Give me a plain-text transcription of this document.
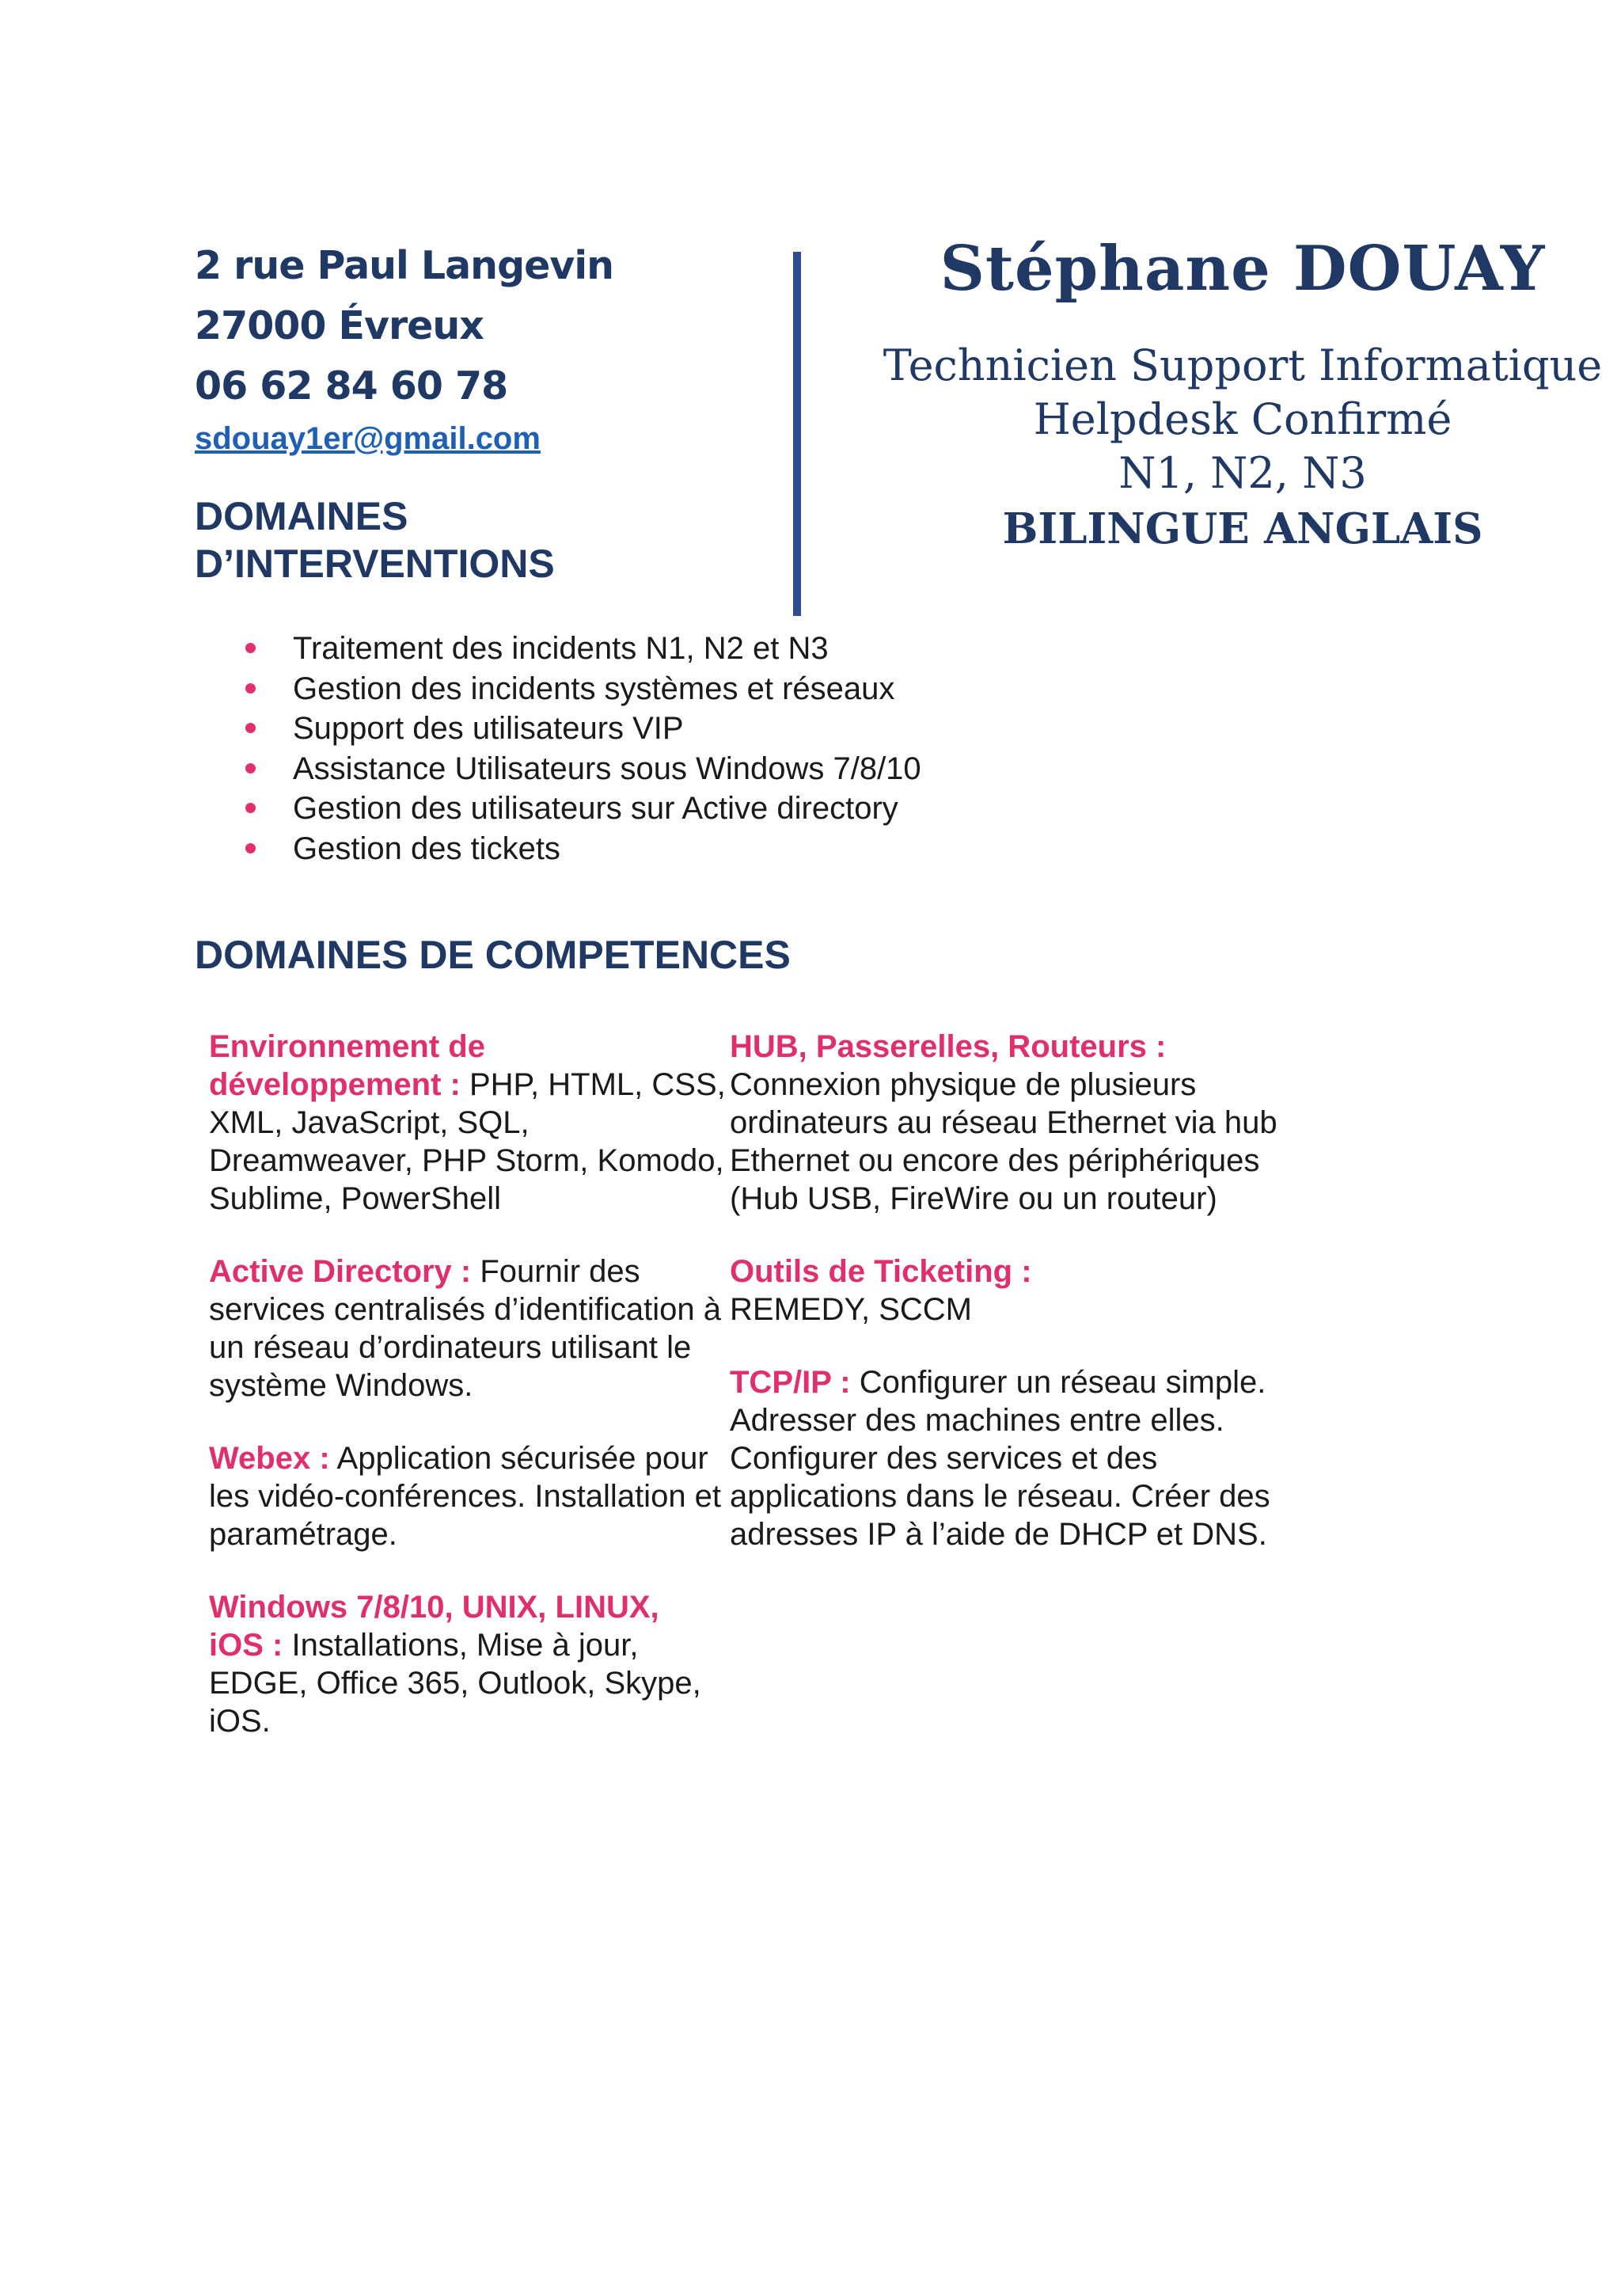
2 rue Paul Langevin
27000 Évreux
06 62 84 60 78
sdouay1er@gmail.com
DOMAINES
D’INTERVENTIONS
Stéphane DOUAY
Technicien Support Informatique
Helpdesk Confirmé
N1, N2, N3
BILINGUE ANGLAIS
Traitement des incidents N1, N2 et N3
Gestion des incidents systèmes et réseaux
Support des utilisateurs VIP
Assistance Utilisateurs sous Windows 7/8/10
Gestion des utilisateurs sur Active directory
Gestion des tickets
DOMAINES DE COMPETENCES
Environnement de
développement : PHP, HTML, CSS, XML, JavaScript, SQL, Dreamweaver, PHP Storm, Komodo, Sublime, PowerShell
Active Directory : Fournir des services centralisés d’identification à un réseau d’ordinateurs utilisant le système Windows.
Webex : Application sécurisée pour les vidéo-conférences. Installation et paramétrage.
Windows 7/8/10, UNIX, LINUX,
iOS : Installations, Mise à jour, EDGE, Office 365, Outlook, Skype, iOS.
HUB, Passerelles, Routeurs :
Connexion physique de plusieurs ordinateurs au réseau Ethernet via hub Ethernet ou encore des périphériques (Hub USB, FireWire ou un routeur)
Outils de Ticketing :
REMEDY, SCCM
TCP/IP : Configurer un réseau simple. Adresser des machines entre elles. Configurer des services et des applications dans le réseau. Créer des adresses IP à l’aide de DHCP et DNS.
